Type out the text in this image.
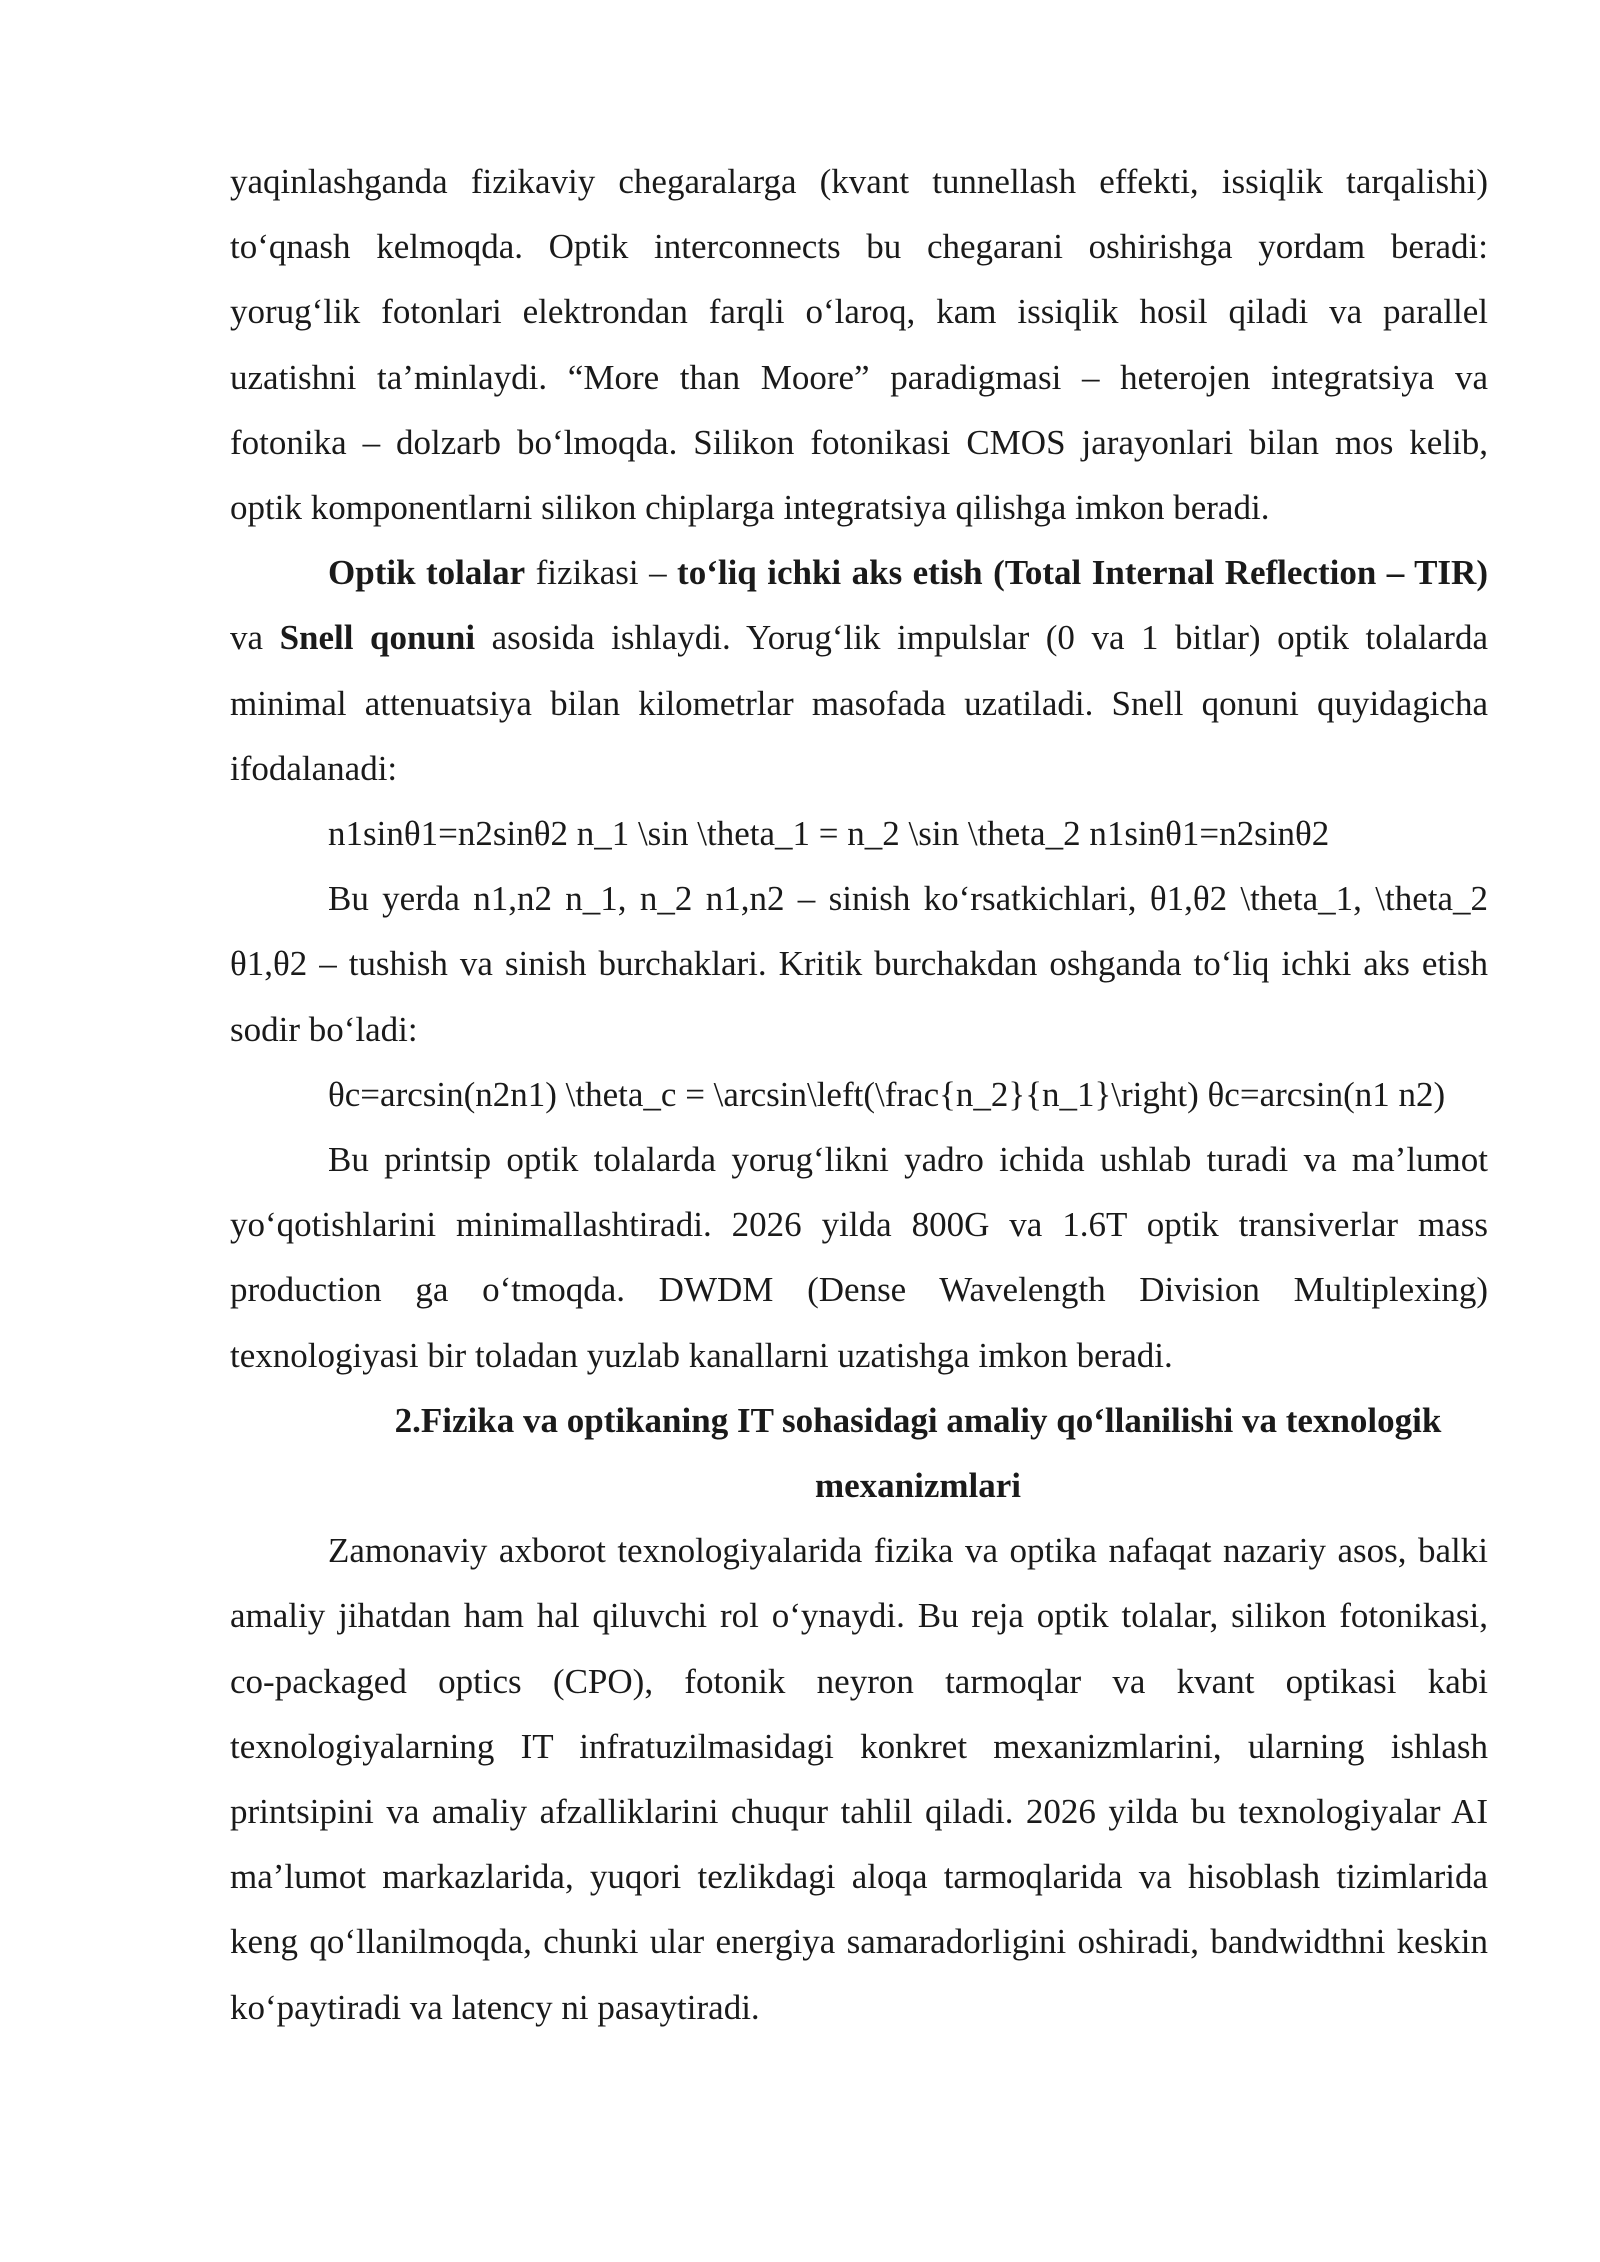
yaqinlashganda fizikaviy chegaralarga (kvant tunnellash effekti, issiqlik tarqalishi) to‘qnash kelmoqda. Optik interconnects bu chegarani oshirishga yordam beradi: yorug‘lik fotonlari elektrondan farqli o‘laroq, kam issiqlik hosil qiladi va parallel uzatishni ta’minlaydi. “More than Moore” paradigmasi – heterojen integratsiya va fotonika – dolzarb bo‘lmoqda. Silikon fotonikasi CMOS jarayonlari bilan mos kelib, optik komponentlarni silikon chiplarga integratsiya qilishga imkon beradi.

Optik tolalar fizikasi – to‘liq ichki aks etish (Total Internal Reflection – TIR) va Snell qonuni asosida ishlaydi. Yorug‘lik impulslar (0 va 1 bitlar) optik tolalarda minimal attenuatsiya bilan kilometrlar masofada uzatiladi. Snell qonuni quyidagicha ifodalanadi:

n1sinθ1=n2sinθ2 n_1 \sin \theta_1 = n_2 \sin \theta_2 n1sinθ1=n2sinθ2

Bu yerda n1,n2 n_1, n_2 n1,n2 – sinish ko‘rsatkichlari, θ1,θ2 \theta_1, \theta_2 θ1,θ2 – tushish va sinish burchaklari. Kritik burchakdan oshganda to‘liq ichki aks etish sodir bo‘ladi:

θc=arcsin(n2n1) \theta_c = \arcsin\left(\frac{n_2}{n_1}\right) θc=arcsin(n1 n2)

Bu printsip optik tolalarda yorug‘likni yadro ichida ushlab turadi va ma’lumot yo‘qotishlarini minimallashtiradi. 2026 yilda 800G va 1.6T optik transiverlar mass production ga o‘tmoqda. DWDM (Dense Wavelength Division Multiplexing) texnologiyasi bir toladan yuzlab kanallarni uzatishga imkon beradi.

2.Fizika va optikaning IT sohasidagi amaliy qo‘llanilishi va texnologik mexanizmlari

Zamonaviy axborot texnologiyalarida fizika va optika nafaqat nazariy asos, balki amaliy jihatdan ham hal qiluvchi rol o‘ynaydi. Bu reja optik tolalar, silikon fotonikasi, co-packaged optics (CPO), fotonik neyron tarmoqlar va kvant optikasi kabi texnologiyalarning IT infratuzilmasidagi konkret mexanizmlarini, ularning ishlash printsipini va amaliy afzalliklarini chuqur tahlil qiladi. 2026 yilda bu texnologiyalar AI ma’lumot markazlarida, yuqori tezlikdagi aloqa tarmoqlarida va hisoblash tizimlarida keng qo‘llanilmoqda, chunki ular energiya samaradorligini oshiradi, bandwidthni keskin ko‘paytiradi va latency ni pasaytiradi.
